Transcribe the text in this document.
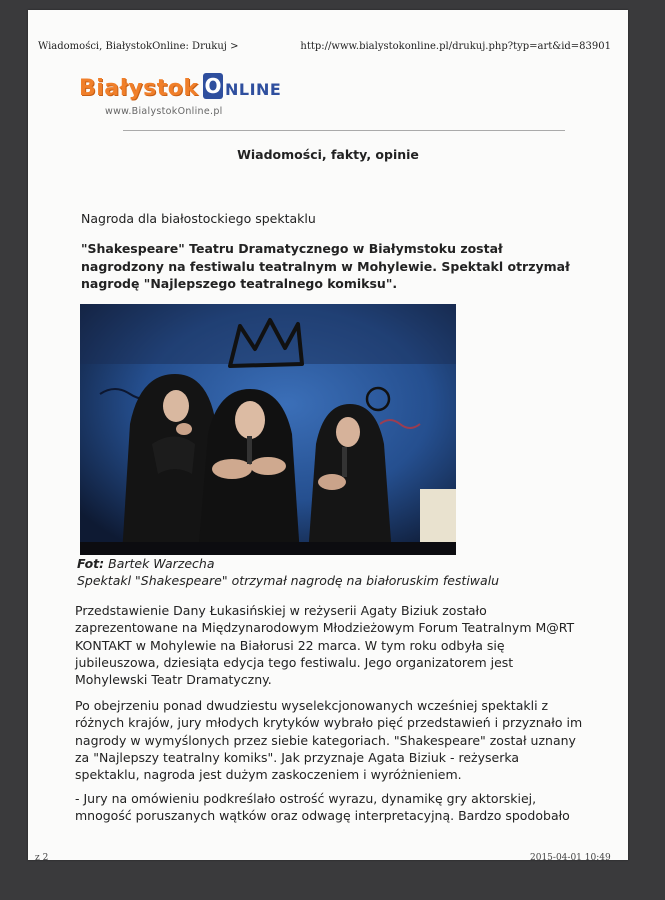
Wiadomości, BiałystokOnline: Drukuj >	http://www.bialystokonline.pl/drukuj.php?typ=art&id=83901
Białystok O NLINE
www.BialystokOnline.pl
Wiadomości, fakty, opinie
Nagroda dla białostockiego spektaklu
"Shakespeare" Teatru Dramatycznego w Białymstoku został nagrodzony na festiwalu teatralnym w Mohylewie. Spektakl otrzymał nagrodę "Najlepszego teatralnego komiksu".
Fot: Bartek Warzecha
Spektakl "Shakespeare" otrzymał nagrodę na białoruskim festiwalu
Przedstawienie Dany Łukasińskiej w reżyserii Agaty Biziuk zostało zaprezentowane na Międzynarodowym Młodzieżowym Forum Teatralnym M@RT KONTAKT w Mohylewie na Białorusi 22 marca. W tym roku odbyła się jubileuszowa, dziesiąta edycja tego festiwalu. Jego organizatorem jest Mohylewski Teatr Dramatyczny.
Po obejrzeniu ponad dwudziestu wyselekcjonowanych wcześniej spektakli z różnych krajów, jury młodych krytyków wybrało pięć przedstawień i przyznało im nagrody w wymyślonych przez siebie kategoriach. "Shakespeare" został uznany za "Najlepszy teatralny komiks". Jak przyznaje Agata Biziuk - reżyserka spektaklu, nagroda jest dużym zaskoczeniem i wyróżnieniem.
- Jury na omówieniu podkreślało ostrość wyrazu, dynamikę gry aktorskiej, mnogość poruszanych wątków oraz odwagę interpretacyjną. Bardzo spodobało
z 2	2015-04-01 10:49
